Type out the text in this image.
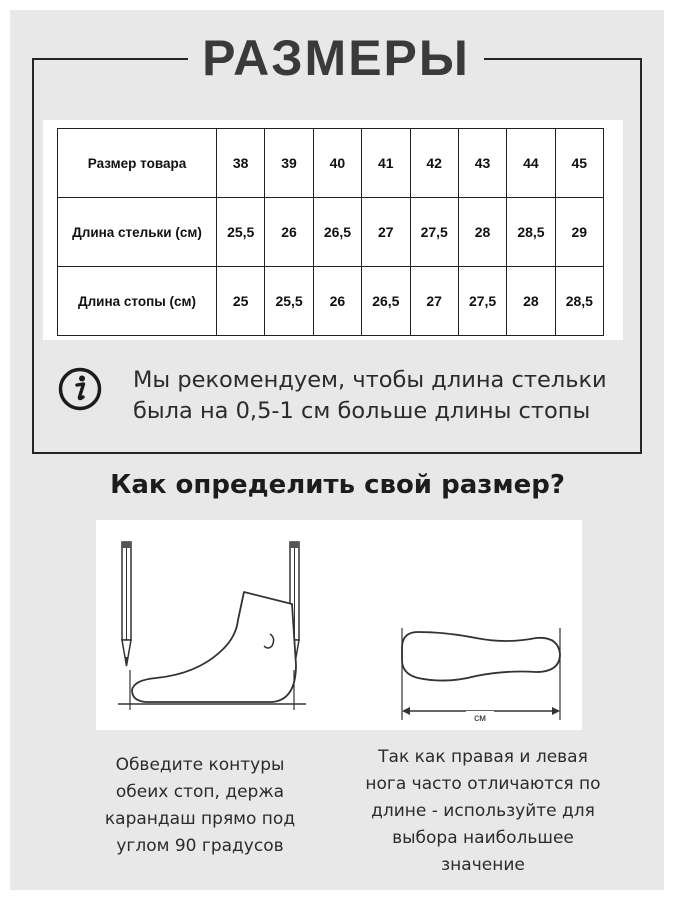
РАЗМЕРЫ
Размер товара	38	39	40	41	42	43	44	45
Длина стельки (см)	25,5	26	26,5	27	27,5	28	28,5	29
Длина стопы (см)	25	25,5	26	26,5	27	27,5	28	28,5
Мы рекомендуем, чтобы длина стельки
была на 0,5-1 см больше длины стопы
Как определить свой размер?
см
Обведите контуры
обеих стоп, держа
карандаш прямо под
углом 90 градусов
Так как правая и левая
нога часто отличаются по
длине - используйте для
выбора наибольшее
значение
